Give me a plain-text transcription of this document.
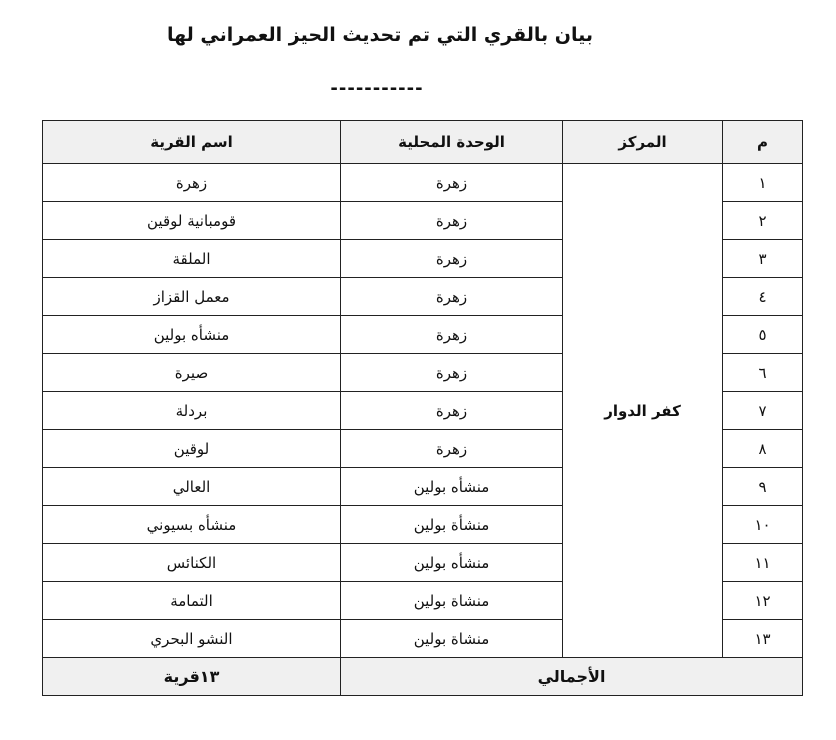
بيان بالقري التي تم تحديث الحيز العمراني لها
-----------
م	المركز	الوحدة المحلية	اسم القرية
١	كفر الدوار	زهرة	زهرة
٢		زهرة	قومبانية لوقين
٣		زهرة	الملقة
٤		زهرة	معمل القزاز
٥		زهرة	منشأه بولين
٦		زهرة	صيرة
٧		زهرة	بردلة
٨		زهرة	لوقين
٩		منشأه بولين	العالي
١٠		منشأة بولين	منشأه بسيوني
١١		منشأه بولين	الكنائس
١٢		منشاة بولين	التمامة
١٣		منشاة بولين	النشو البحري
الأجمالي			١٣قرية
